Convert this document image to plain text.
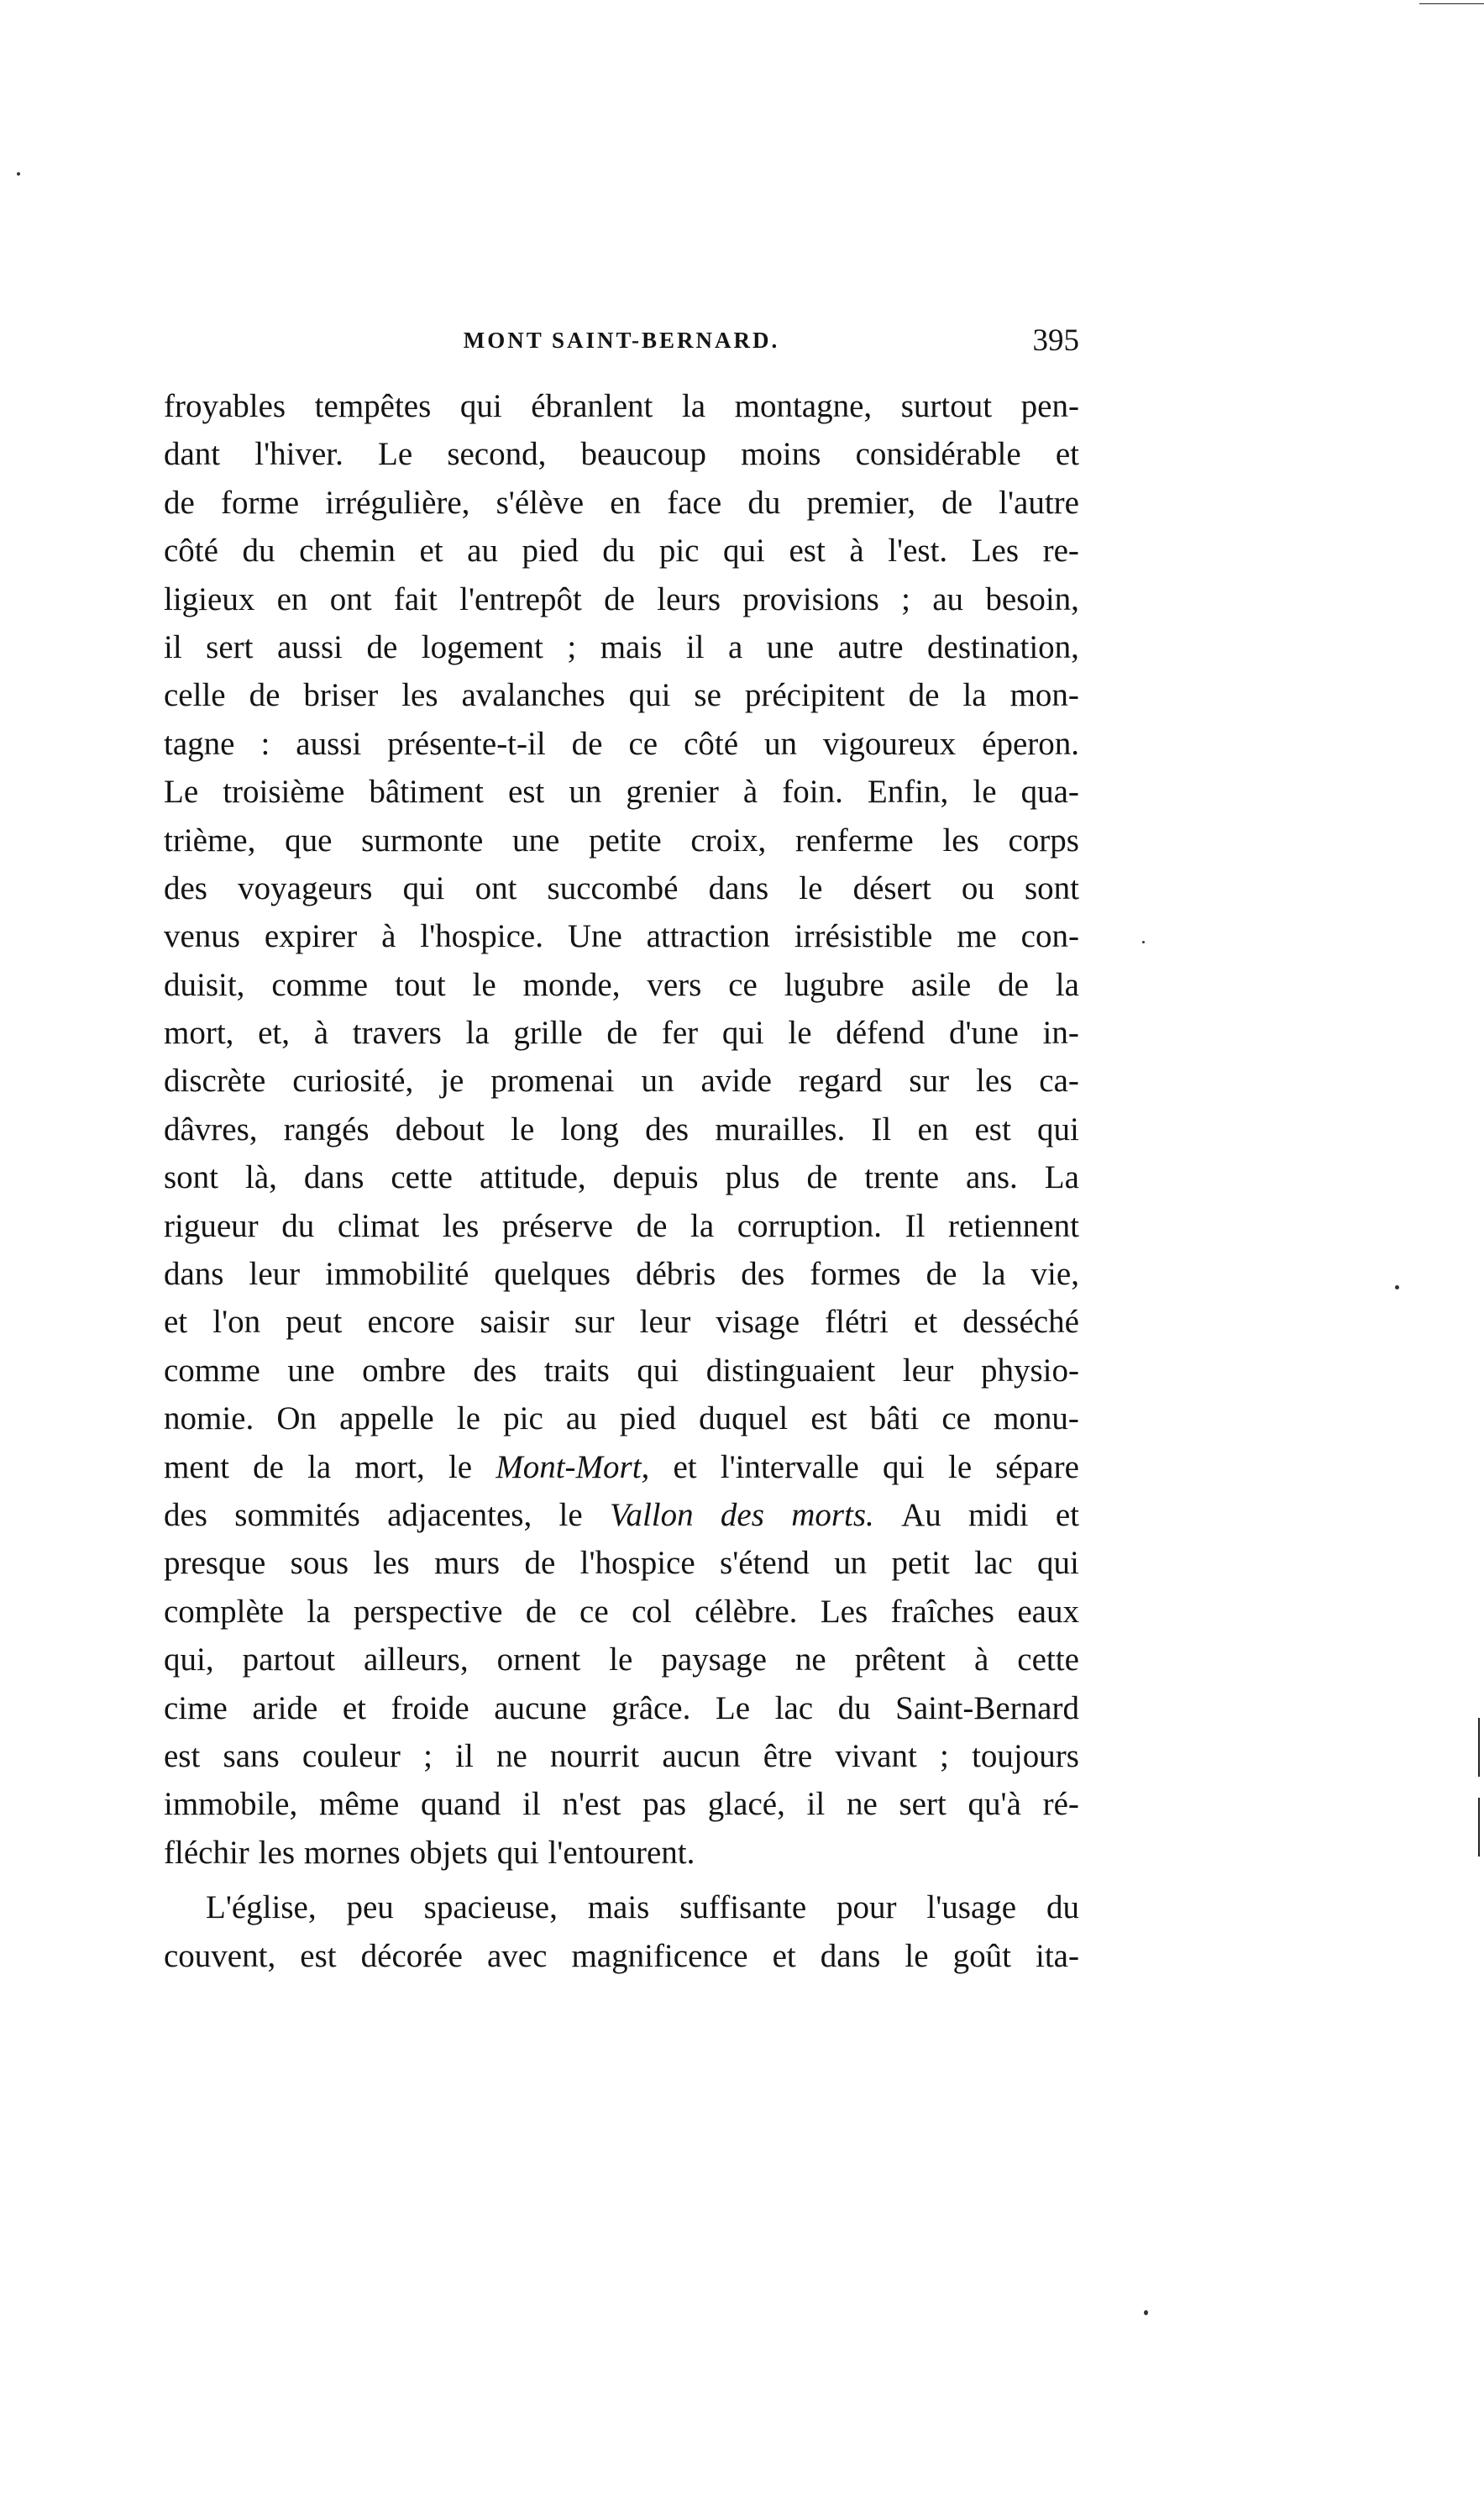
MONT SAINT-BERNARD.	395
froyables tempêtes qui ébranlent la montagne, surtout pen-
dant l'hiver. Le second, beaucoup moins considérable et
de forme irrégulière, s'élève en face du premier, de l'autre
côté du chemin et au pied du pic qui est à l'est. Les re-
ligieux en ont fait l'entrepôt de leurs provisions ; au besoin,
il sert aussi de logement ; mais il a une autre destination,
celle de briser les avalanches qui se précipitent de la mon-
tagne : aussi présente-t-il de ce côté un vigoureux éperon.
Le troisième bâtiment est un grenier à foin. Enfin, le qua-
trième, que surmonte une petite croix, renferme les corps
des voyageurs qui ont succombé dans le désert ou sont
venus expirer à l'hospice. Une attraction irrésistible me con-
duisit, comme tout le monde, vers ce lugubre asile de la
mort, et, à travers la grille de fer qui le défend d'une in-
discrète curiosité, je promenai un avide regard sur les ca-
dâvres, rangés debout le long des murailles. Il en est qui
sont là, dans cette attitude, depuis plus de trente ans. La
rigueur du climat les préserve de la corruption. Il retiennent
dans leur immobilité quelques débris des formes de la vie,
et l'on peut encore saisir sur leur visage flétri et desséché
comme une ombre des traits qui distinguaient leur physio-
nomie. On appelle le pic au pied duquel est bâti ce monu-
ment de la mort, le Mont-Mort, et l'intervalle qui le sépare
des sommités adjacentes, le Vallon des morts. Au midi et
presque sous les murs de l'hospice s'étend un petit lac qui
complète la perspective de ce col célèbre. Les fraîches eaux
qui, partout ailleurs, ornent le paysage ne prêtent à cette
cime aride et froide aucune grâce. Le lac du Saint-Bernard
est sans couleur ; il ne nourrit aucun être vivant ; toujours
immobile, même quand il n'est pas glacé, il ne sert qu'à ré-
fléchir les mornes objets qui l'entourent.
L'église, peu spacieuse, mais suffisante pour l'usage du
couvent, est décorée avec magnificence et dans le goût ita-
